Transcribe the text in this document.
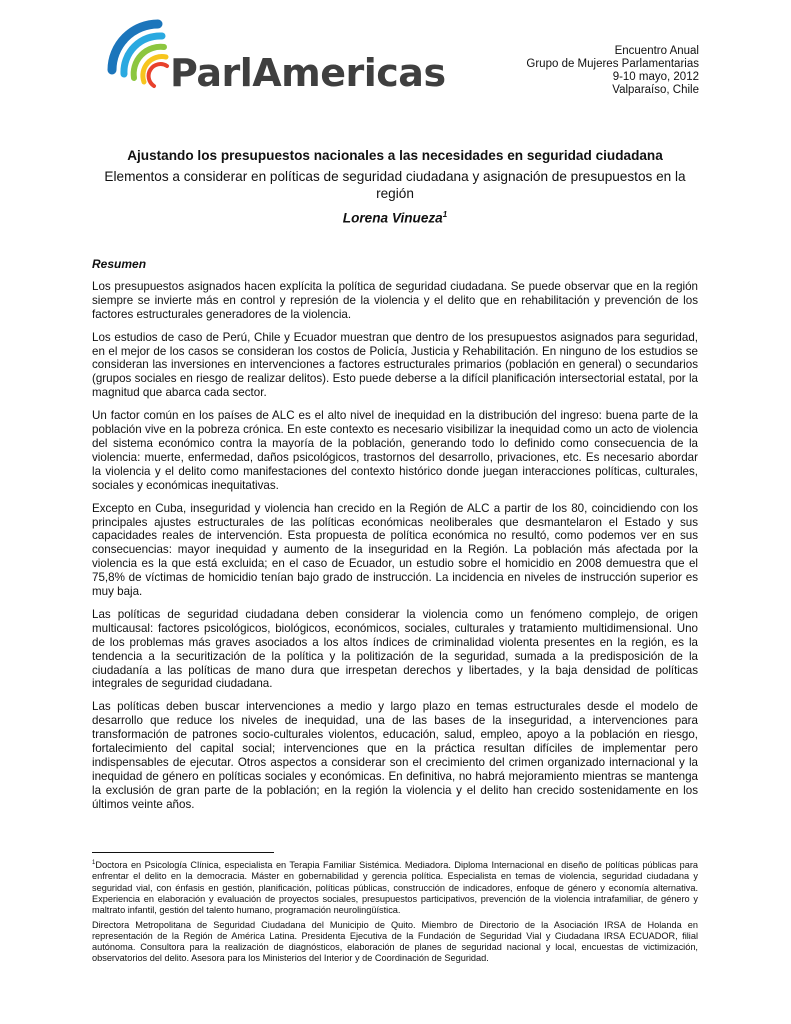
ParlAmericas	Encuentro Anual
Grupo de Mujeres Parlamentarias
9-10 mayo, 2012
Valparaíso, Chile
Ajustando los presupuestos nacionales a las necesidades en seguridad ciudadana
Elementos a considerar en políticas de seguridad ciudadana y asignación de presupuestos en la región
Lorena Vinueza$^1$
Resumen

Los presupuestos asignados hacen explícita la política de seguridad ciudadana. Se puede observar que en la región siempre se invierte más en control y represión de la violencia y el delito que en rehabilitación y prevención de los factores estructurales generadores de la violencia.

Los estudios de caso de Perú, Chile y Ecuador muestran que dentro de los presupuestos asignados para seguridad, en el mejor de los casos se consideran los costos de Policía, Justicia y Rehabilitación. En ninguno de los estudios se consideran las inversiones en intervenciones a factores estructurales primarios (población en general) o secundarios (grupos sociales en riesgo de realizar delitos). Esto puede deberse a la difícil planificación intersectorial estatal, por la magnitud que abarca cada sector.

Un factor común en los países de ALC es el alto nivel de inequidad en la distribución del ingreso: buena parte de la población vive en la pobreza crónica. En este contexto es necesario visibilizar la inequidad como un acto de violencia del sistema económico contra la mayoría de la población, generando todo lo definido como consecuencia de la violencia: muerte, enfermedad, daños psicológicos, trastornos del desarrollo, privaciones, etc. Es necesario abordar la violencia y el delito como manifestaciones del contexto histórico donde juegan interacciones políticas, culturales, sociales y económicas inequitativas.

Excepto en Cuba, inseguridad y violencia han crecido en la Región de ALC a partir de los 80, coincidiendo con los principales ajustes estructurales de las políticas económicas neoliberales que desmantelaron el Estado y sus capacidades reales de intervención. Esta propuesta de política económica no resultó, como podemos ver en sus consecuencias: mayor inequidad y aumento de la inseguridad en la Región. La población más afectada por la violencia es la que está excluida; en el caso de Ecuador, un estudio sobre el homicidio en 2008 demuestra que el 75,8% de víctimas de homicidio tenían bajo grado de instrucción. La incidencia en niveles de instrucción superior es muy baja.

Las políticas de seguridad ciudadana deben considerar la violencia como un fenómeno complejo, de origen multicausal: factores psicológicos, biológicos, económicos, sociales, culturales y tratamiento multidimensional. Uno de los problemas más graves asociados a los altos índices de criminalidad violenta presentes en la región, es la tendencia a la securitización de la política y la politización de la seguridad, sumada a la predisposición de la ciudadanía a las políticas de mano dura que irrespetan derechos y libertades, y la baja densidad de políticas integrales de seguridad ciudadana.

Las políticas deben buscar intervenciones a medio y largo plazo en temas estructurales desde el modelo de desarrollo que reduce los niveles de inequidad, una de las bases de la inseguridad, a intervenciones para transformación de patrones socio-culturales violentos, educación, salud, empleo, apoyo a la población en riesgo, fortalecimiento del capital social; intervenciones que en la práctica resultan difíciles de implementar pero indispensables de ejecutar. Otros aspectos a considerar son el crecimiento del crimen organizado internacional y la inequidad de género en políticas sociales y económicas. En definitiva, no habrá mejoramiento mientras se mantenga la exclusión de gran parte de la población; en la región la violencia y el delito han crecido sostenidamente en los últimos veinte años.

$^1$Doctora en Psicología Clínica, especialista en Terapia Familiar Sistémica. Mediadora. Diploma Internacional en diseño de políticas públicas para enfrentar el delito en la democracia. Máster en gobernabilidad y gerencia política. Especialista en temas de violencia, seguridad ciudadana y seguridad vial, con énfasis en gestión, planificación, políticas públicas, construcción de indicadores, enfoque de género y economía alternativa. Experiencia en elaboración y evaluación de proyectos sociales, presupuestos participativos, prevención de la violencia intrafamiliar, de género y maltrato infantil, gestión del talento humano, programación neurolingüística.

Directora Metropolitana de Seguridad Ciudadana del Municipio de Quito. Miembro de Directorio de la Asociación IRSA de Holanda en representación de la Región de América Latina. Presidenta Ejecutiva de la Fundación de Seguridad Vial y Ciudadana IRSA ECUADOR, filial autónoma. Consultora para la realización de diagnósticos, elaboración de planes de seguridad nacional y local, encuestas de victimización, observatorios del delito. Asesora para los Ministerios del Interior y de Coordinación de Seguridad.
